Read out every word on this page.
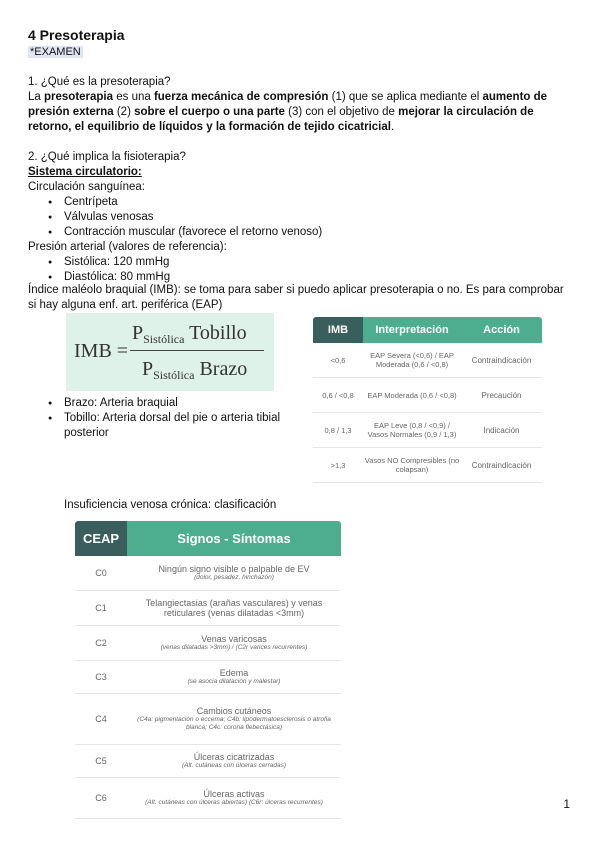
4 Presoterapia
*EXAMEN
1. ¿Qué es la presoterapia?
La presoterapia es una fuerza mecánica de compresión (1) que se aplica mediante el aumento de presión externa (2) sobre el cuerpo o una parte (3) con el objetivo de mejorar la circulación de retorno, el equilibrio de líquidos y la formación de tejido cicatricial.
2. ¿Qué implica la fisioterapia?
Sistema circulatorio:
Circulación sanguínea:
● Centrípeta
● Válvulas venosas
● Contracción muscular (favorece el retorno venoso)
Presión arterial (valores de referencia):
● Sistólica: 120 mmHg
● Diastólica: 80 mmHg
Índice maléolo braquial (IMB): se toma para saber si puedo aplicar presoterapia o no. Es para comprobar si hay alguna enf. art. periférica (EAP)
IMB =
$P_{Sistólica}$ Tobillo
$P_{Sistólica}$ Brazo
● Brazo: Arteria braquial
● Tobillo: Arteria dorsal del pie o arteria tibial posterior
IMB	Interpretación	Acción
<0,6	EAP Severa (<0,6) / EAP Moderada (0,6 / <0,8)	Contraindicación
0,6 / <0,8	EAP Moderada (0,6 / <0,8)	Precaución
0,8 / 1,3	EAP Leve (0,8 / <0,9) / Vasos Normales (0,9 / 1,3)	Indicación
>1,3	Vasos NO Compresibles (no colapsan)	Contraindicación
Insuficiencia venosa crónica: clasificación
CEAP	Signos - Síntomas
C0	Ningún signo visible o palpable de EV
(dolor, pesadez, hinchazón)

C1	Telangiectasias (arañas vasculares) y venas reticulares (venas dilatadas <3mm)

C2	Venas varicosas
(venas dilatadas >3mm) / (C2r varices recurrentes)

C3	Edema
(se asocia dilatación y malestar)

C4	Cambios cutáneos
(C4a: pigmentación o eccema; C4b: lipodermatoesclerosis o atrofia blanca; C4c: corona flebectásica)

C5	Úlceras cicatrizadas
(Alt. cutáneas con úlceras cerradas)

C6	Úlceras activas
(Alt. cutáneas con úlceras abiertas) (C6r: úlceras recurrentes)	1
